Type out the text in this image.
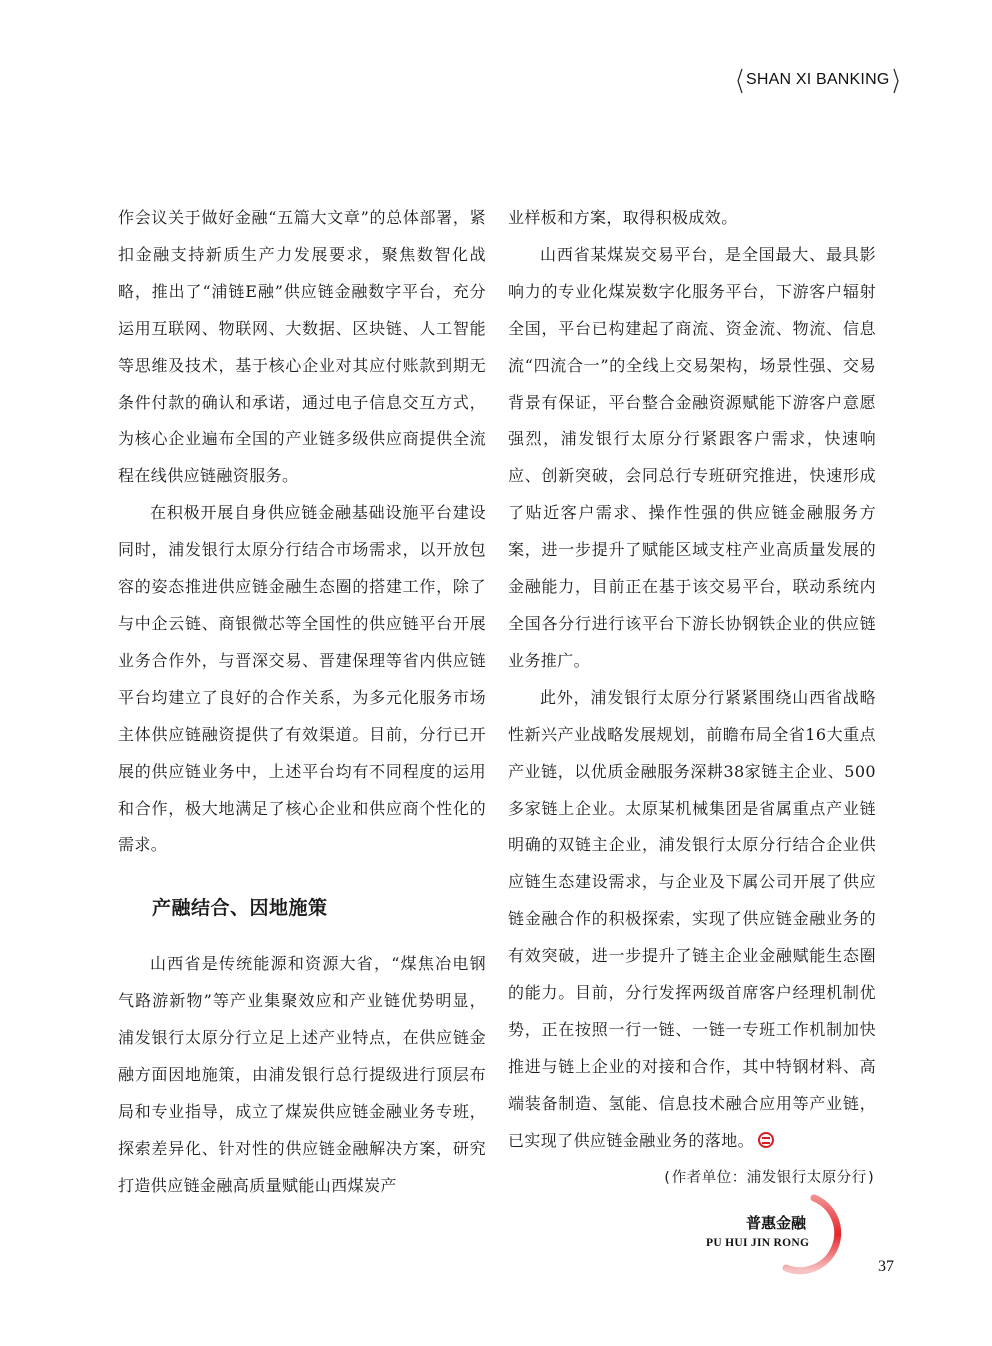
SHAN XI BANKING

作会议关于做好金融“五篇大文章”的总体部署，紧扣金融支持新质生产力发展要求，聚焦数智化战略，推出了“浦链E融”供应链金融数字平台，充分运用互联网、物联网、大数据、区块链、人工智能等思维及技术，基于核心企业对其应付账款到期无条件付款的确认和承诺，通过电子信息交互方式，为核心企业遍布全国的产业链多级供应商提供全流程在线供应链融资服务。

在积极开展自身供应链金融基础设施平台建设同时，浦发银行太原分行结合市场需求，以开放包容的姿态推进供应链金融生态圈的搭建工作，除了与中企云链、商银微芯等全国性的供应链平台开展业务合作外，与晋深交易、晋建保理等省内供应链平台均建立了良好的合作关系，为多元化服务市场主体供应链融资提供了有效渠道。目前，分行已开展的供应链业务中，上述平台均有不同程度的运用和合作，极大地满足了核心企业和供应商个性化的需求。

产融结合、因地施策

山西省是传统能源和资源大省，“煤焦冶电钢气路游新物”等产业集聚效应和产业链优势明显，浦发银行太原分行立足上述产业特点，在供应链金融方面因地施策，由浦发银行总行提级进行顶层布局和专业指导，成立了煤炭供应链金融业务专班，探索差异化、针对性的供应链金融解决方案，研究打造供应链金融高质量赋能山西煤炭产

业样板和方案，取得积极成效。

山西省某煤炭交易平台，是全国最大、最具影响力的专业化煤炭数字化服务平台，下游客户辐射全国，平台已构建起了商流、资金流、物流、信息流“四流合一”的全线上交易架构，场景性强、交易背景有保证，平台整合金融资源赋能下游客户意愿强烈，浦发银行太原分行紧跟客户需求，快速响应、创新突破，会同总行专班研究推进，快速形成了贴近客户需求、操作性强的供应链金融服务方案，进一步提升了赋能区域支柱产业高质量发展的金融能力，目前正在基于该交易平台，联动系统内全国各分行进行该平台下游长协钢铁企业的供应链业务推广。

此外，浦发银行太原分行紧紧围绕山西省战略性新兴产业战略发展规划，前瞻布局全省16大重点产业链，以优质金融服务深耕38家链主企业、500多家链上企业。太原某机械集团是省属重点产业链明确的双链主企业，浦发银行太原分行结合企业供应链生态建设需求，与企业及下属公司开展了供应链金融合作的积极探索，实现了供应链金融业务的有效突破，进一步提升了链主企业金融赋能生态圈的能力。目前，分行发挥两级首席客户经理机制优势，正在按照一行一链、一链一专班工作机制加快推进与链上企业的对接和合作，其中特钢材料、高端装备制造、氢能、信息技术融合应用等产业链，已实现了供应链金融业务的落地。
(作者单位：浦发银行太原分行)

普惠金融
PU HUI JIN RONG
37
